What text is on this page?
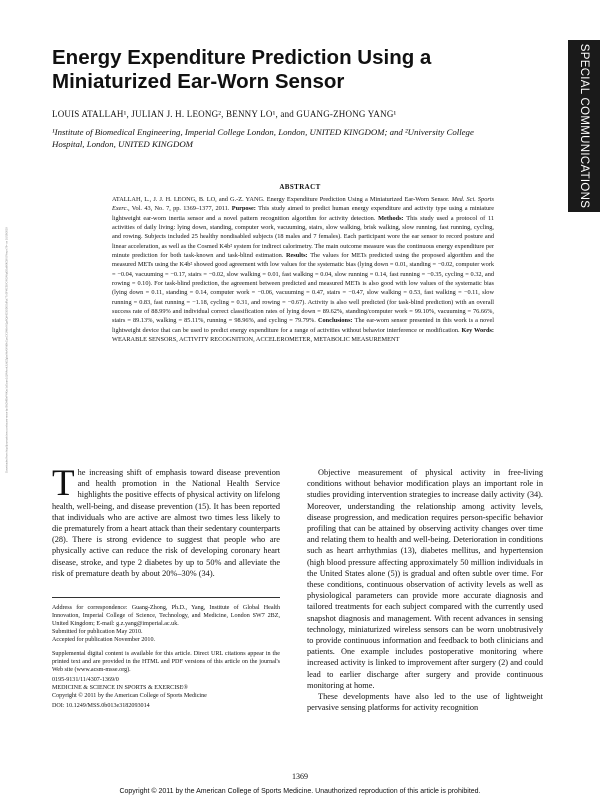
SPECIAL COMMUNICATIONS
Downloaded from http://journals.lww.com/acsm-msse by BhDMf5ePHKav1zEoum1tQfN4a+kJLhEZgbsIHo4XMi0hCywCX1AWnYQp/IlQrHD3i3D0OdRyi7TvSFl4Cf3VC4/OAVpDDa8KKGKV0Ymy+78= on 10/19/2019
Energy Expenditure Prediction Using a
Miniaturized Ear-Worn Sensor
LOUIS ATALLAH¹, JULIAN J. H. LEONG², BENNY LO¹, and GUANG-ZHONG YANG¹
¹Institute of Biomedical Engineering, Imperial College London, London, UNITED KINGDOM; and ²University College
Hospital, London, UNITED KINGDOM
ABSTRACT
ATALLAH, L., J. J. H. LEONG, B. LO, and G.-Z. YANG. Energy Expenditure Prediction Using a Miniaturized Ear-Worn Sensor. Med. Sci. Sports Exerc., Vol. 43, No. 7, pp. 1369–1377, 2011. Purpose: This study aimed to predict human energy expenditure and activity type using a miniature lightweight ear-worn inertia sensor and a novel pattern recognition algorithm for activity detection. Methods: This study used a protocol of 11 activities of daily living: lying down, standing, computer work, vacuuming, stairs, slow walking, brisk walking, slow running, fast running, cycling, and rowing. Subjects included 25 healthy nondisabled subjects (18 males and 7 females). Each participant wore the ear sensor to record posture and linear acceleration, as well as the Cosmed K4b² system for indirect calorimetry. The main outcome measure was the continuous energy expenditure per minute prediction for both task-known and task-blind estimation. Results: The values for METs predicted using the proposed algorithm and the measured METs using the K4b² showed good agreement with low values for the systematic bias (lying down = 0.01, standing = −0.02, computer work = −0.04, vacuuming = −0.17, stairs = −0.02, slow walking = 0.01, fast walking = 0.04, slow running = 0.14, fast running = −0.35, cycling = 0.32, and rowing = 0.10). For task-blind prediction, the agreement between predicted and measured METs is also good with low values of the systematic bias (lying down = 0.11, standing = 0.14, computer work = −0.06, vacuuming = 0.47, stairs = −0.47, slow walking = 0.53, fast walking = −0.11, slow running = 0.83, fast running = −1.18, cycling = 0.31, and rowing = −0.67). Activity is also well predicted (for task-blind prediction) with an overall success rate of 88.99% and individual correct classification rates of lying down = 89.62%, standing/computer work = 99.10%, vacuuming = 76.66%, stairs = 89.13%, walking = 85.11%, running = 98.96%, and cycling = 79.79%. Conclusions: The ear-worn sensor presented in this work is a novel lightweight device that can be used to predict energy expenditure for a range of activities without behavior interference or modification. Key Words: WEARABLE SENSORS, ACTIVITY RECOGNITION, ACCELEROMETER, METABOLIC MEASUREMENT
T he increasing shift of emphasis toward disease prevention and health promotion in the National Health Service highlights the positive effects of physical activity on lifelong health, well-being, and disease prevention (15). It has been reported that individuals who are active are almost two times less likely to die prematurely from a heart attack than their sedentary counterparts (28). There is strong evidence to suggest that people who are physically active can reduce the risk of developing coronary heart disease, stroke, and type 2 diabetes by up to 50% and alleviate the risk of premature death by about 20%–30% (34).

Address for correspondence: Guang-Zhong, Ph.D., Yang, Institute of Global Health Innovation, Imperial College of Science, Technology, and Medicine, London SW7 2BZ, United Kingdom; E-mail: g.z.yang@imperial.ac.uk.
Submitted for publication May 2010.
Accepted for publication November 2010.
Supplemental digital content is available for this article. Direct URL citations appear in the printed text and are provided in the HTML and PDF versions of this article on the journal's Web site (www.acsm-msse.org).
0195-9131/11/4307-1369/0
MEDICINE & SCIENCE IN SPORTS & EXERCISE®
Copyright © 2011 by the American College of Sports Medicine
DOI: 10.1249/MSS.0b013e3182093014

Objective measurement of physical activity in free-living conditions without behavior modification plays an important role in studies providing intervention strategies to increase daily activity (34). Moreover, understanding the relationship among activity levels, disease progression, and medication requires person-specific behavior profiling that can be attained by observing activity changes over time and relating them to health and well-being. Deterioration in conditions such as heart arrhythmias (13), diabetes mellitus, and hypertension (high blood pressure affecting approximately 50 million individuals in the United States alone (5)) is gradual and often subtle over time. For these conditions, continuous observation of activity levels as well as physiological parameters can provide more accurate diagnosis and tailored treatments for each subject compared with the currently used snapshot diagnosis and management. With recent advances in sensing technology, miniaturized wireless sensors can be worn unobtrusively to provide continuous information and feedback to both clinicians and patients. One example includes postoperative monitoring where increased activity is linked to improvement after surgery (2) and could lead to earlier discharge after surgery and provide continuous monitoring at home.

These developments have also led to the use of lightweight pervasive sensing platforms for activity recognition

1369
Copyright © 2011 by the American College of Sports Medicine. Unauthorized reproduction of this article is prohibited.
